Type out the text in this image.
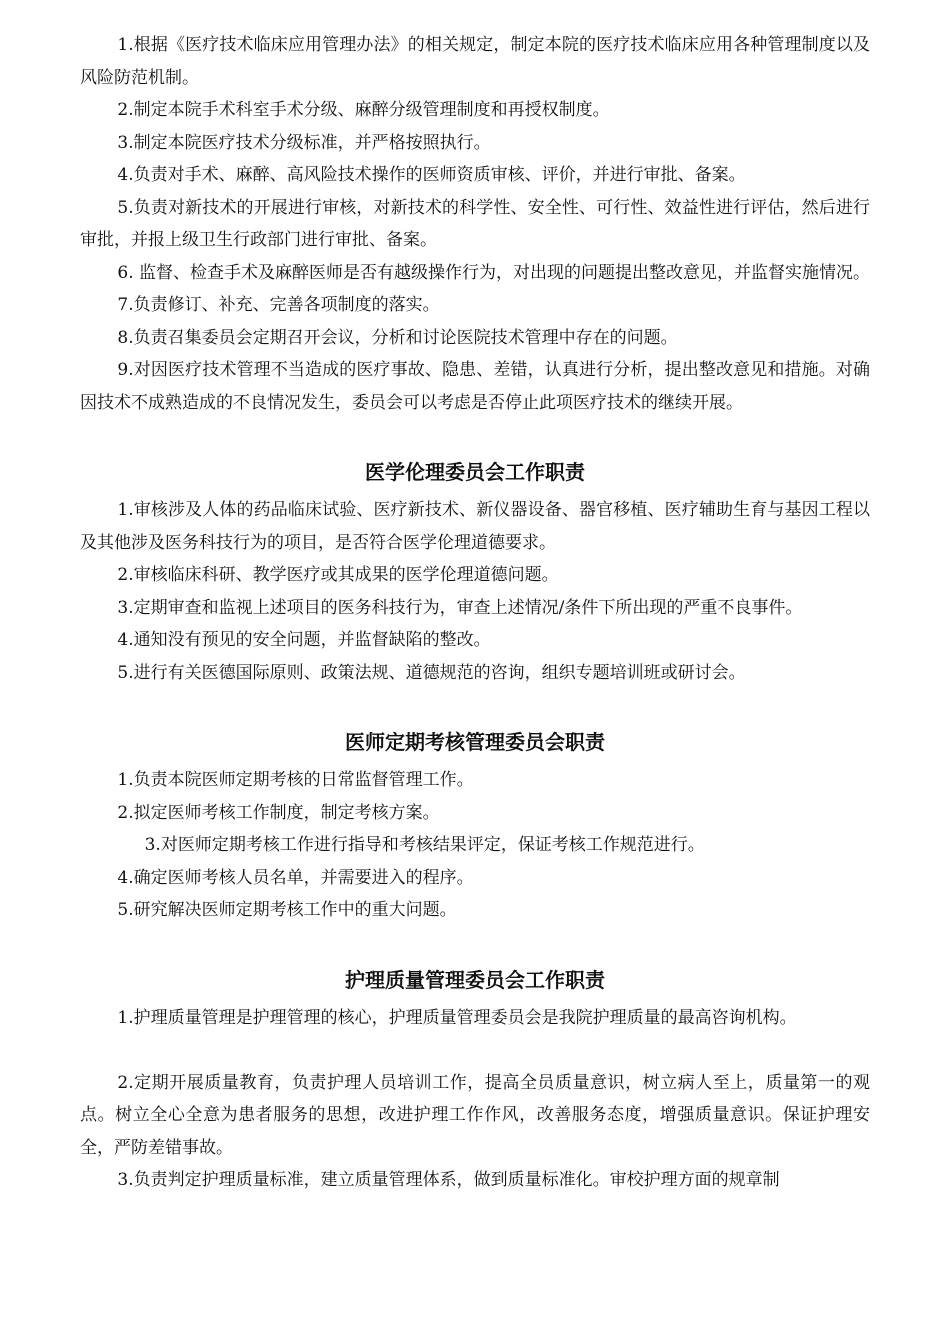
1.根据《医疗技术临床应用管理办法》的相关规定，制定本院的医疗技术临床应用各种管理制度以及风险防范机制。

2.制定本院手术科室手术分级、麻醉分级管理制度和再授权制度。

3.制定本院医疗技术分级标准，并严格按照执行。

4.负责对手术、麻醉、高风险技术操作的医师资质审核、评价，并进行审批、备案。

5.负责对新技术的开展进行审核，对新技术的科学性、安全性、可行性、效益性进行评估，然后进行审批，并报上级卫生行政部门进行审批、备案。

6. 监督、检查手术及麻醉医师是否有越级操作行为，对出现的问题提出整改意见，并监督实施情况。

7.负责修订、补充、完善各项制度的落实。

8.负责召集委员会定期召开会议，分析和讨论医院技术管理中存在的问题。

9.对因医疗技术管理不当造成的医疗事故、隐患、差错，认真进行分析，提出整改意见和措施。对确因技术不成熟造成的不良情况发生，委员会可以考虑是否停止此项医疗技术的继续开展。

医学伦理委员会工作职责

1.审核涉及人体的药品临床试验、医疗新技术、新仪器设备、器官移植、医疗辅助生育与基因工程以及其他涉及医务科技行为的项目，是否符合医学伦理道德要求。

2.审核临床科研、教学医疗或其成果的医学伦理道德问题。

3.定期审查和监视上述项目的医务科技行为，审查上述情况/条件下所出现的严重不良事件。

4.通知没有预见的安全问题，并监督缺陷的整改。

5.进行有关医德国际原则、政策法规、道德规范的咨询，组织专题培训班或研讨会。

医师定期考核管理委员会职责

1.负责本院医师定期考核的日常监督管理工作。

2.拟定医师考核工作制度，制定考核方案。

3.对医师定期考核工作进行指导和考核结果评定，保证考核工作规范进行。

4.确定医师考核人员名单，并需要进入的程序。

5.研究解决医师定期考核工作中的重大问题。

护理质量管理委员会工作职责

1.护理质量管理是护理管理的核心，护理质量管理委员会是我院护理质量的最高咨询机构。

2.定期开展质量教育，负责护理人员培训工作，提高全员质量意识，树立病人至上，质量第一的观点。树立全心全意为患者服务的思想，改进护理工作作风，改善服务态度，增强质量意识。保证护理安全，严防差错事故。

3.负责判定护理质量标准，建立质量管理体系，做到质量标准化。审校护理方面的规章制
